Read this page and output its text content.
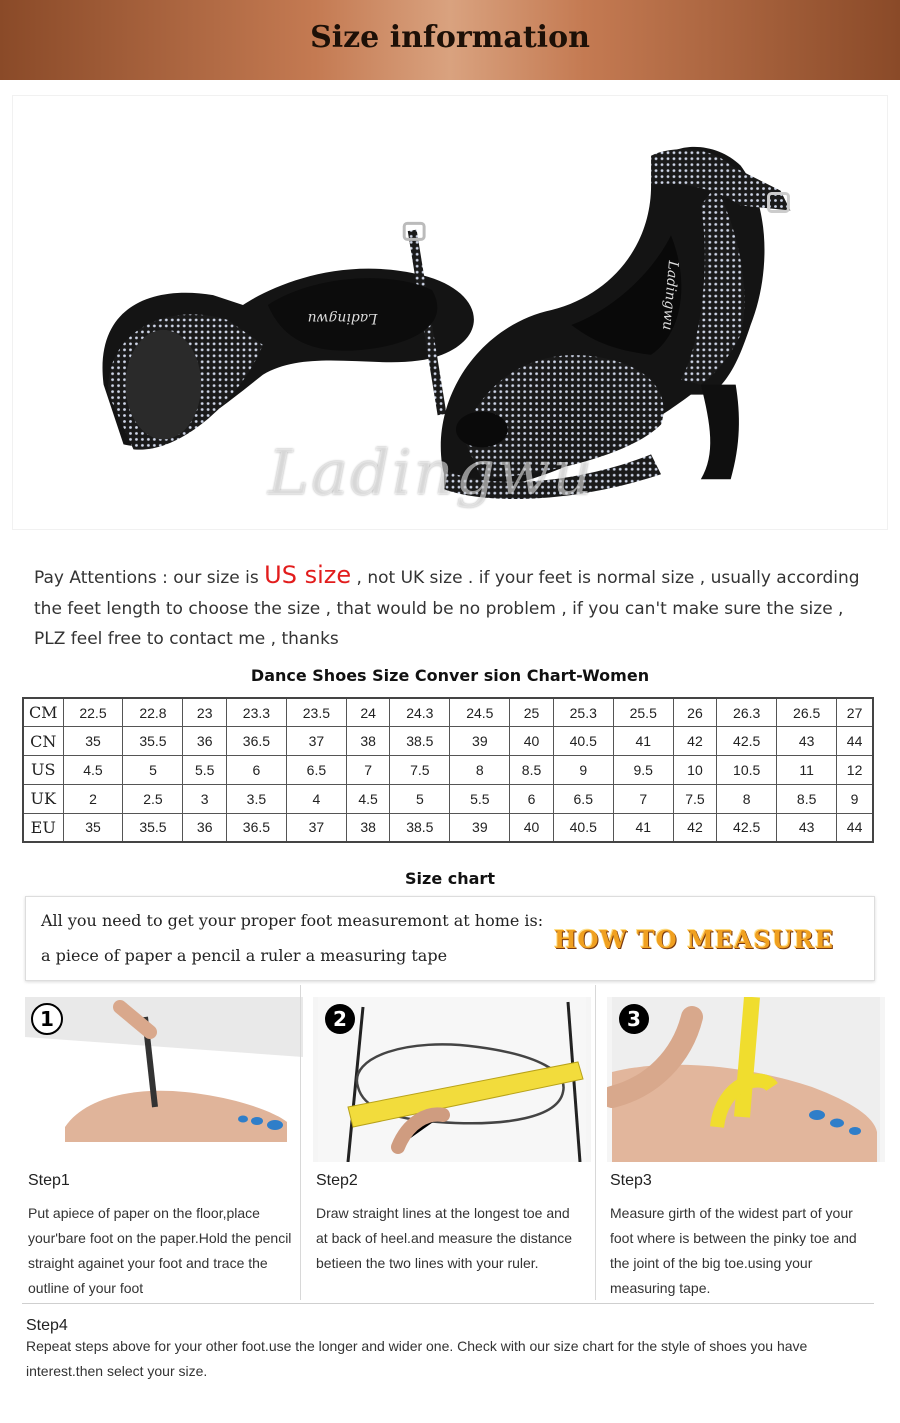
Size information
Ladingwu	Ladingwu
Ladingwu
Pay Attentions : our size is US size , not UK size . if your feet is normal size , usually according
the feet length to choose the size , that would be no problem , if you can't make sure the size ,
PLZ feel free to contact me , thanks
Dance Shoes Size Conver sion Chart-Women
CM	22.5	22.8	23	23.3	23.5	24	24.3	24.5	25	25.3	25.5	26	26.3	26.5	27
CN	35	35.5	36	36.5	37	38	38.5	39	40	40.5	41	42	42.5	43	44
US	4.5	5	5.5	6	6.5	7	7.5	8	8.5	9	9.5	10	10.5	11	12
UK	2	2.5	3	3.5	4	4.5	5	5.5	6	6.5	7	7.5	8	8.5	9
EU	35	35.5	36	36.5	37	38	38.5	39	40	40.5	41	42	42.5	43	44
Size chart
All you need to get your proper foot measuremont at home is:
a piece of paper a pencil a ruler a measuring tape
HOW TO MEASURE
1
Step1
Put apiece of paper on the floor,place your'bare foot on the paper.Hold the pencil straight againet your foot and trace the outline of your foot
2
Step2
Draw straight lines at the longest toe and at back of heel.and measure the distance betieen the two lines with your ruler.
3
Step3
Measure girth of the widest part of your foot where is between the pinky toe and the joint of the big toe.using your measuring tape.
Step4
Repeat steps above for your other foot.use the longer and wider one. Check with our size chart for the style of shoes you have interest.then select your size.
